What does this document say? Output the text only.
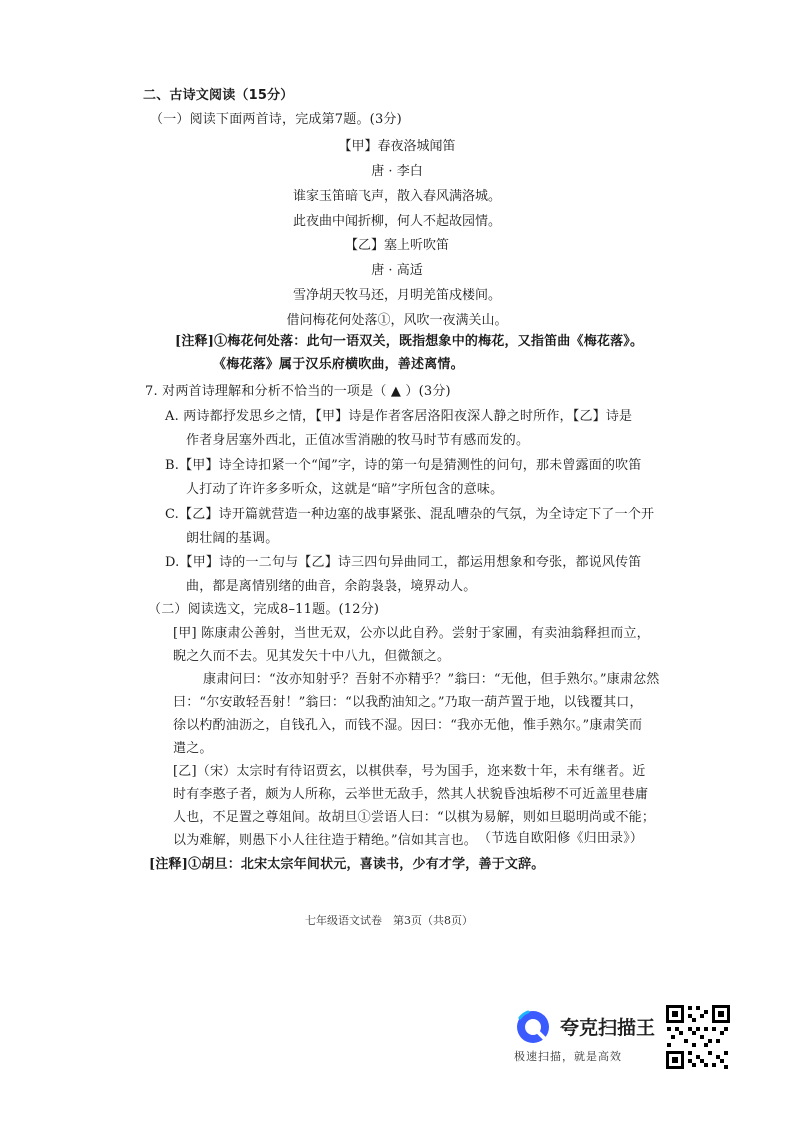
二、古诗文阅读（15分）
（一）阅读下面两首诗，完成第7题。(3分)
【甲】春夜洛城闻笛
唐 · 李白
谁家玉笛暗飞声，散入春风满洛城。
此夜曲中闻折柳，何人不起故园情。
【乙】塞上听吹笛
唐 · 高适
雪净胡天牧马还，月明羌笛戍楼间。
借问梅花何处落①，风吹一夜满关山。
[注释]①梅花何处落：此句一语双关，既指想象中的梅花，又指笛曲《梅花落》。
《梅花落》属于汉乐府横吹曲，善述离情。
7. 对两首诗理解和分析不恰当的一项是（ ▲ ）(3分)
A. 两诗都抒发思乡之情，【甲】诗是作者客居洛阳夜深人静之时所作，【乙】诗是
作者身居塞外西北，正值冰雪消融的牧马时节有感而发的。
B.【甲】诗全诗扣紧一个“闻”字，诗的第一句是猜测性的问句，那未曾露面的吹笛
人打动了许许多多听众，这就是“暗”字所包含的意味。
C.【乙】诗开篇就营造一种边塞的战事紧张、混乱嘈杂的气氛，为全诗定下了一个开
朗壮阔的基调。
D.【甲】诗的一二句与【乙】诗三四句异曲同工，都运用想象和夸张，都说风传笛
曲，都是离情别绪的曲音，余韵袅袅，境界动人。
（二）阅读选文，完成8–11题。(12分)
[甲] 陈康肃公善射，当世无双，公亦以此自矜。尝射于家圃，有卖油翁释担而立，
睨之久而不去。见其发矢十中八九，但微颔之。
康肃问曰：“汝亦知射乎？吾射不亦精乎？”翁曰：“无他，但手熟尔。”康肃忿然
曰：“尔安敢轻吾射！”翁曰：“以我酌油知之。”乃取一葫芦置于地，以钱覆其口，
徐以杓酌油沥之，自钱孔入，而钱不湿。因曰：“我亦无他，惟手熟尔。”康肃笑而
遣之。
[乙]（宋）太宗时有待诏贾玄，以棋供奉，号为国手，迩来数十年，未有继者。近
时有李憨子者，颇为人所称，云举世无敌手，然其人状貌昏浊垢秽不可近盖里巷庸
人也，不足置之尊俎间。故胡旦①尝语人曰：“以棋为易解，则如旦聪明尚或不能；
以为难解，则愚下小人往往造于精绝。”信如其言也。 （节选自欧阳修《归田录》）
[注释]①胡旦：北宋太宗年间状元，喜读书，少有才学，善于文辞。
七年级语文试卷　第3页（共8页）
夸克扫描王
极速扫描，就是高效
